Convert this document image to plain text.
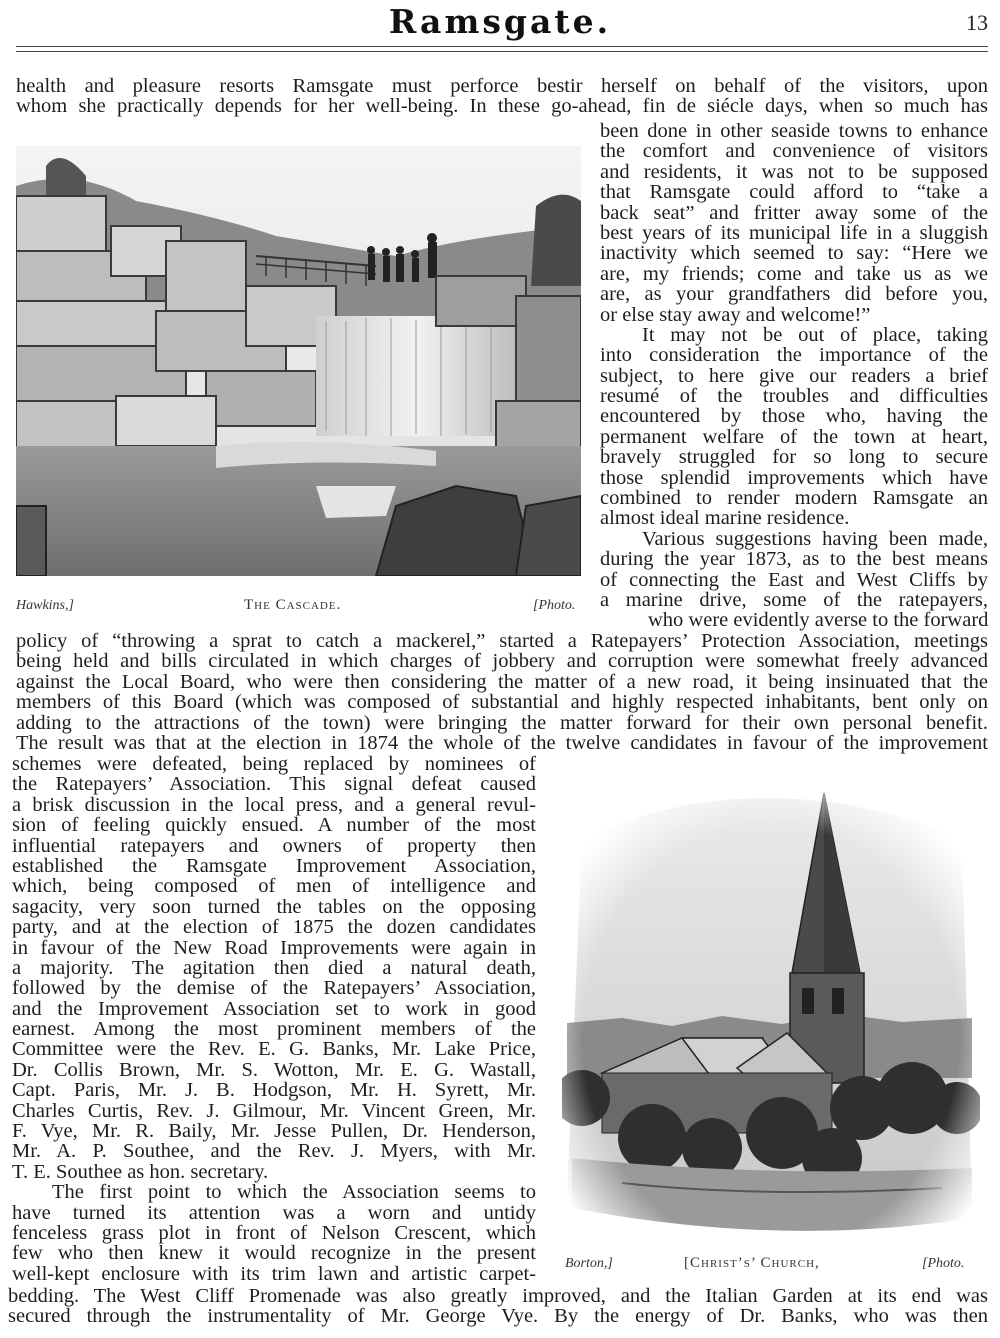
Ramsgate.	13
health and pleasure resorts Ramsgate must perforce bestir herself on behalf of the visitors, upon
whom she practically depends for her well-being. In these go-ahead, fin de siécle days, when so much has
Hawkins,]	The Cascade.	[Photo.
been done in other seaside towns to enhance
the comfort and convenience of visitors
and residents, it was not to be supposed
that Ramsgate could afford to “take a
back seat” and fritter away some of the
best years of its municipal life in a sluggish
inactivity which seemed to say: “Here we
are, my friends; come and take us as we
are, as your grandfathers did before you,
or else stay away and welcome!”
It may not be out of place, taking
into consideration the importance of the
subject, to here give our readers a brief
resumé of the troubles and difficulties
encountered by those who, having the
permanent welfare of the town at heart,
bravely struggled for so long to secure
those splendid improvements which have
combined to render modern Ramsgate an
almost ideal marine residence.
Various suggestions having been made,
during the year 1873, as to the best means
of connecting the East and West Cliffs by
a marine drive, some of the ratepayers,
who were evidently averse to the forward
policy of “throwing a sprat to catch a mackerel,” started a Ratepayers’ Protection Association, meetings
being held and bills circulated in which charges of jobbery and corruption were somewhat freely advanced
against the Local Board, who were then considering the matter of a new road, it being insinuated that the
members of this Board (which was composed of substantial and highly respected inhabitants, bent only on
adding to the attractions of the town) were bringing the matter forward for their own personal benefit.
The result was that at the election in 1874 the whole of the twelve candidates in favour of the improvement
schemes were defeated, being replaced by nominees of
the Ratepayers’ Association. This signal defeat caused
a brisk discussion in the local press, and a general revul-
sion of feeling quickly ensued. A number of the most
influential ratepayers and owners of property then
established the Ramsgate Improvement Association,
which, being composed of men of intelligence and
sagacity, very soon turned the tables on the opposing
party, and at the election of 1875 the dozen candidates
in favour of the New Road Improvements were again in
a majority. The agitation then died a natural death,
followed by the demise of the Ratepayers’ Association,
and the Improvement Association set to work in good
earnest. Among the most prominent members of the
Committee were the Rev. E. G. Banks, Mr. Lake Price,
Dr. Collis Brown, Mr. S. Wotton, Mr. E. G. Wastall,
Capt. Paris, Mr. J. B. Hodgson, Mr. H. Syrett, Mr.
Charles Curtis, Rev. J. Gilmour, Mr. Vincent Green, Mr.
F. Vye, Mr. R. Baily, Mr. Jesse Pullen, Dr. Henderson,
Mr. A. P. Southee, and the Rev. J. Myers, with Mr.
T. E. Southee as hon. secretary.
The first point to which the Association seems to
have turned its attention was a worn and untidy
fenceless grass plot in front of Nelson Crescent, which
few who then knew it would recognize in the present
well-kept enclosure with its trim lawn and artistic carpet- Borton,]	[Christ’s’ Church,	[Photo.
bedding. The West Cliff Promenade was also greatly improved, and the Italian Garden at its end was
secured through the instrumentality of Mr. George Vye. By the energy of Dr. Banks, who was then
